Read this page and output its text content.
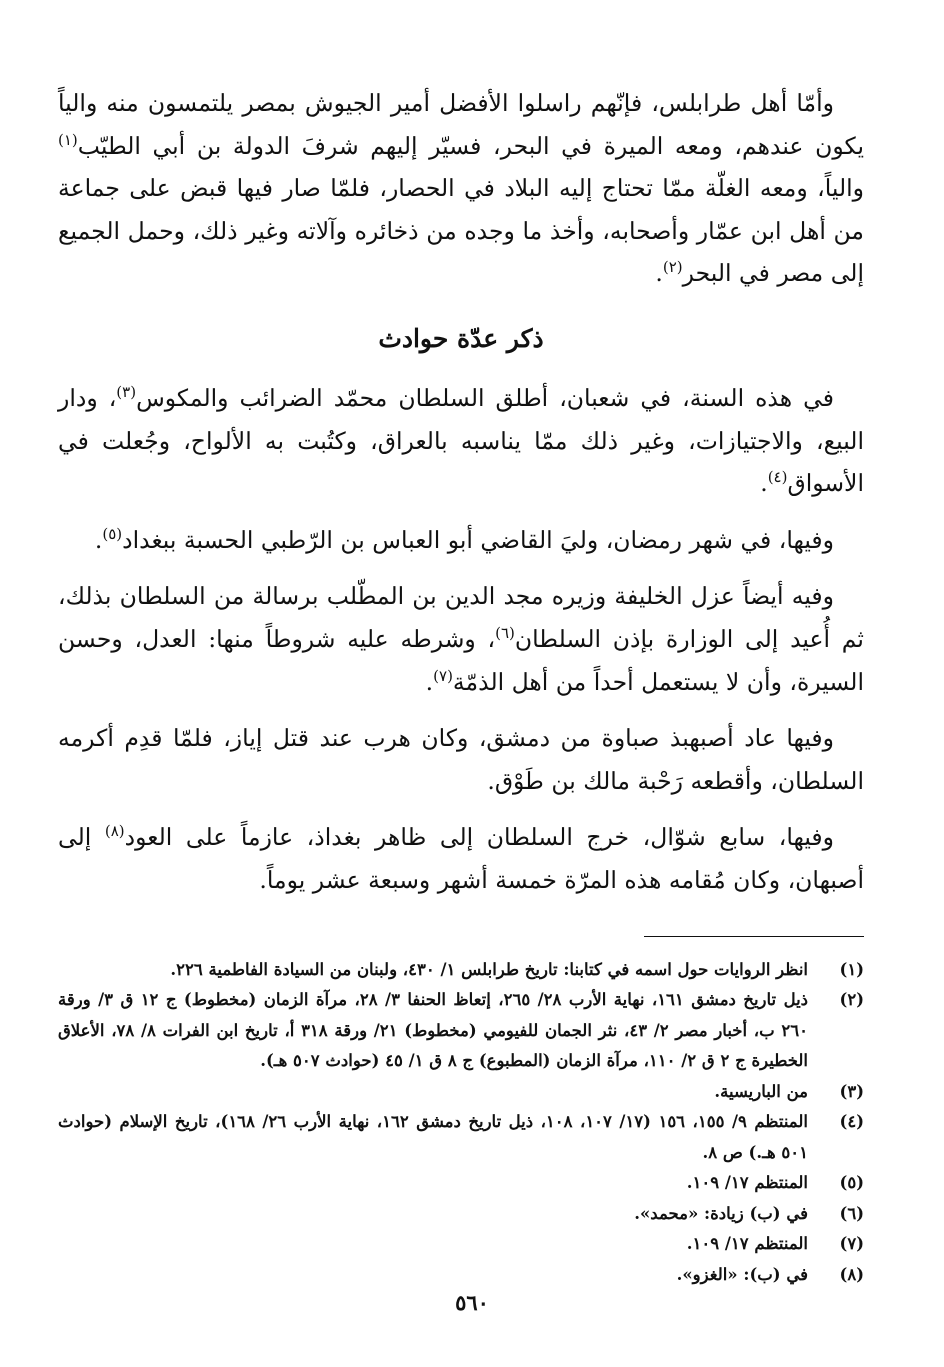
وأمّا أهل طرابلس، فإنّهم راسلوا الأفضل أمير الجيوش بمصر يلتمسون منه والياً يكون عندهم، ومعه الميرة في البحر، فسيّر إليهم شرفَ الدولة بن أبي الطيّب$^{(١)}$ والياً، ومعه الغلّة ممّا تحتاج إليه البلاد في الحصار، فلمّا صار فيها قبض على جماعة من أهل ابن عمّار وأصحابه، وأخذ ما وجده من ذخائره وآلاته وغير ذلك، وحمل الجميع إلى مصر في البحر$^{(٢)}$.

ذكر عدّة حوادث

في هذه السنة، في شعبان، أطلق السلطان محمّد الضرائب والمكوس$^{(٣)}$، ودار البيع، والاجتيازات، وغير ذلك ممّا يناسبه بالعراق، وكتُبت به الألواح، وجُعلت في الأسواق$^{(٤)}$.

وفيها، في شهر رمضان، وليَ القاضي أبو العباس بن الرّطبي الحسبة ببغداد$^{(٥)}$.

وفيه أيضاً عزل الخليفة وزيره مجد الدين بن المطّلب برسالة من السلطان بذلك، ثم أُعيد إلى الوزارة بإذن السلطان$^{(٦)}$، وشرطه عليه شروطاً منها: العدل، وحسن السيرة، وأن لا يستعمل أحداً من أهل الذمّة$^{(٧)}$.

وفيها عاد أصبهبذ صباوة من دمشق، وكان هرب عند قتل إياز، فلمّا قدِم أكرمه السلطان، وأقطعه رَحْبة مالك بن طَوْق.

وفيها، سابع شوّال، خرج السلطان إلى ظاهر بغداذ، عازماً على العود$^{(٨)}$ إلى أصبهان، وكان مُقامه هذه المرّة خمسة أشهر وسبعة عشر يوماً.

(١)
انظر الروايات حول اسمه في كتابنا: تاريخ طرابلس ١/ ٤٣٠، ولبنان من السيادة الفاطمية ٢٢٦.
(٢)
ذيل تاريخ دمشق ١٦١، نهاية الأرب ٢٨/ ٢٦٥، إتعاظ الحنفا ٣/ ٢٨، مرآة الزمان (مخطوط) ج ١٢ ق ٣/ ورقة ٢٦٠ ب، أخبار مصر ٢/ ٤٣، نثر الجمان للفيومي (مخطوط) ٢١/ ورقة ٣١٨ أ، تاريخ ابن الفرات ٨/ ٧٨، الأعلاق الخطيرة ج ٢ ق ٢/ ١١٠، مرآة الزمان (المطبوع) ج ٨ ق ١/ ٤٥ (حوادث ٥٠٧ هـ).
(٣)
من الباريسية.
(٤)
المنتظم ٩/ ١٥٥، ١٥٦ (١٧/ ١٠٧، ١٠٨، ذيل تاريخ دمشق ١٦٢، نهاية الأرب ٢٦/ ١٦٨)، تاريخ الإسلام (حوادث ٥٠١ هـ.) ص ٨.
(٥)
المنتظم ١٧/ ١٠٩.
(٦)
في (ب) زيادة: «محمد».
(٧)
المنتظم ١٧/ ١٠٩.
(٨)
في (ب): «الغزو».
٥٦٠
